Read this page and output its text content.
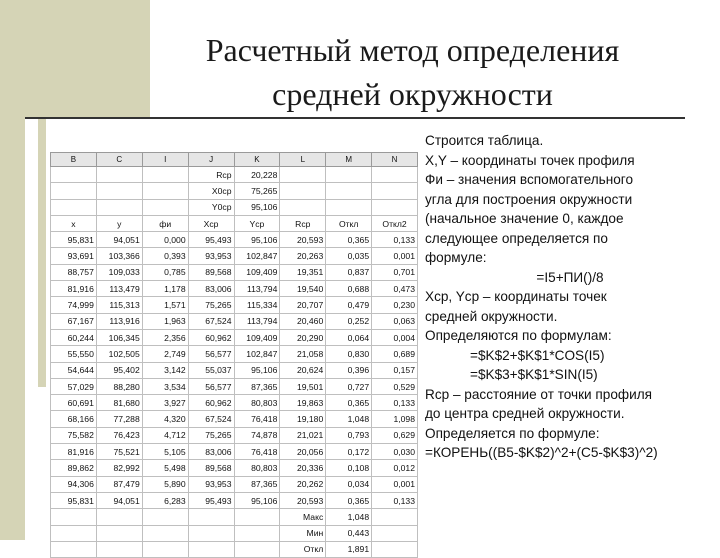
Расчетный метод определения
средней окружности
B	C	I	J	K	L	M	N
			Rcp	20,228			
			X0cp	75,265			
			Y0cp	95,106			
x	y	фи	Xcp	Ycp	Rcp	Откл	Откл2
95,831	94,051	0,000	95,493	95,106	20,593	0,365	0,133
93,691	103,366	0,393	93,953	102,847	20,263	0,035	0,001
88,757	109,033	0,785	89,568	109,409	19,351	0,837	0,701
81,916	113,479	1,178	83,006	113,794	19,540	0,688	0,473
74,999	115,313	1,571	75,265	115,334	20,707	0,479	0,230
67,167	113,916	1,963	67,524	113,794	20,460	0,252	0,063
60,244	106,345	2,356	60,962	109,409	20,290	0,064	0,004
55,550	102,505	2,749	56,577	102,847	21,058	0,830	0,689
54,644	95,402	3,142	55,037	95,106	20,624	0,396	0,157
57,029	88,280	3,534	56,577	87,365	19,501	0,727	0,529
60,691	81,680	3,927	60,962	80,803	19,863	0,365	0,133
68,166	77,288	4,320	67,524	76,418	19,180	1,048	1,098
75,582	76,423	4,712	75,265	74,878	21,021	0,793	0,629
81,916	75,521	5,105	83,006	76,418	20,056	0,172	0,030
89,862	82,992	5,498	89,568	80,803	20,336	0,108	0,012
94,306	87,479	5,890	93,953	87,365	20,262	0,034	0,001
95,831	94,051	6,283	95,493	95,106	20,593	0,365	0,133
					Макс	1,048	
					Мин	0,443	
					Откл	1,891	

Строится таблица.

X,Y – координаты точек профиля

Фи – значения вспомогательного

угла для построения окружности

(начальное значение 0, каждое

следующее определяется по

формуле:

=I5+ПИ()/8

Xcp, Ycp – координаты точек

средней окружности.

Определяются по формулам:

=$K$2+$K$1*COS(I5)

=$K$3+$K$1*SIN(I5)

Rcp – расстояние от точки профиля

до центра средней окружности.

Определяется по формуле:

=КОРЕНЬ((B5-$K$2)^2+(C5-$K$3)^2)
